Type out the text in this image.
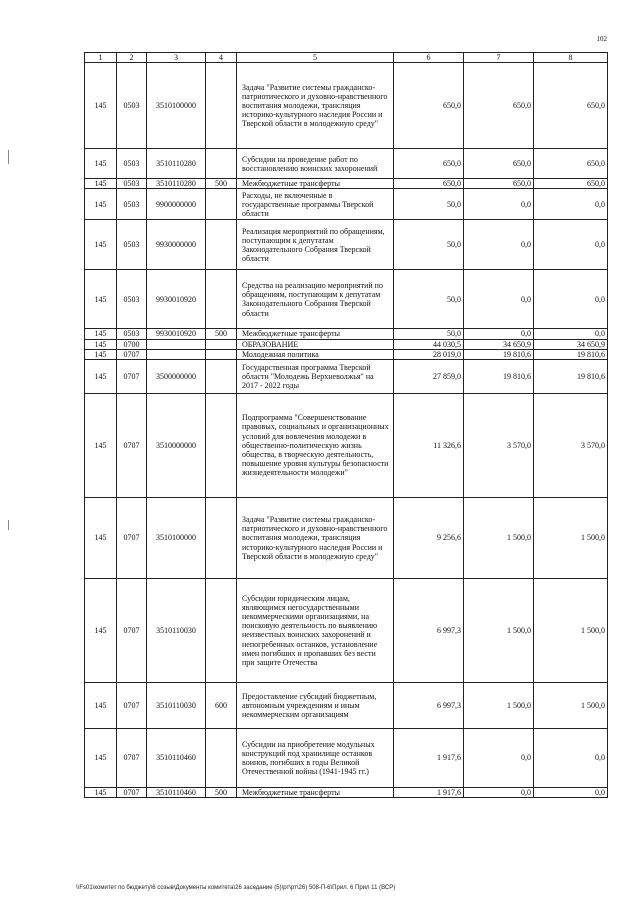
102
1	2	3	4	5	6	7	8
145	0503	3510100000		Задача "Развитие системы гражданско-патриотического и духовно-нравственного воспитания молодежи, трансляция историко-культурного наследия России и Тверской области в молодежную среду"	650,0	650,0	650,0
145	0503	3510110280		Субсидии на проведение работ по восстановлению воинских захоронений	650,0	650,0	650,0
145	0503	3510110280	500	Межбюджетные трансферты	650,0	650,0	650,0
145	0503	9900000000		Расходы, не включенные в государственные программы Тверской области	50,0	0,0	0,0
145	0503	9930000000		Реализация мероприятий по обращениям, поступающим к депутатам Законодательного Собрания Тверской области	50,0	0,0	0,0
145	0503	9930010920		Средства на реализацию мероприятий по обращениям, поступающим к депутатам Законодательного Собрания Тверской области	50,0	0,0	0,0
145	0503	9930010920	500	Межбюджетные трансферты	50,0	0,0	0,0
145	0700			ОБРАЗОВАНИЕ	44 030,5	34 650,9	34 650,9
145	0707			Молодежная политика	28 019,0	19 810,6	19 810,6
145	0707	3500000000		Государственная программа Тверской области "Молодежь Верхневолжья" на 2017 - 2022 годы	27 859,0	19 810,6	19 810,6
145	0707	3510000000		Подпрограмма "Совершенствование правовых, социальных и организационных условий для вовлечения молодежи в общественно-политическую жизнь общества, в творческую деятельность, повышение уровня культуры безопасности жизнедеятельности молодежи"	11 326,6	3 570,0	3 570,0
145	0707	3510100000		Задача "Развитие системы гражданско-патриотического и духовно-нравственного воспитания молодежи, трансляция историко-культурного наследия России и Тверской области в молодежную среду"	9 256,6	1 500,0	1 500,0
145	0707	3510110030		Субсидии юридическим лицам, являющимся негосударственными некоммерческими организациями, на поисковую деятельность по выявлению неизвестных воинских захоронений и непогребенных останков, установление имен погибших и пропавших без вести при защите Отечества	6 997,3	1 500,0	1 500,0
145	0707	3510110030	600	Предоставление субсидий бюджетным, автономным учреждениям и иным некоммерческим организациям	6 997,3	1 500,0	1 500,0
145	0707	3510110460		Субсидии на приобретение модульных конструкций под хранилище останков воинов, погибших в годы Великой Отечественной войны (1941-1945 гг.)	1 917,6	0,0	0,0
145	0707	3510110460	500	Межбюджетные трансферты	1 917,6	0,0	0,0
\\Fs01\комитет по бюджету\6 созыв\Документы комитета\26 заседание (5)\рт\рт\26) 508-П-6\Прил. 6 Прил 11 (ВСР)
